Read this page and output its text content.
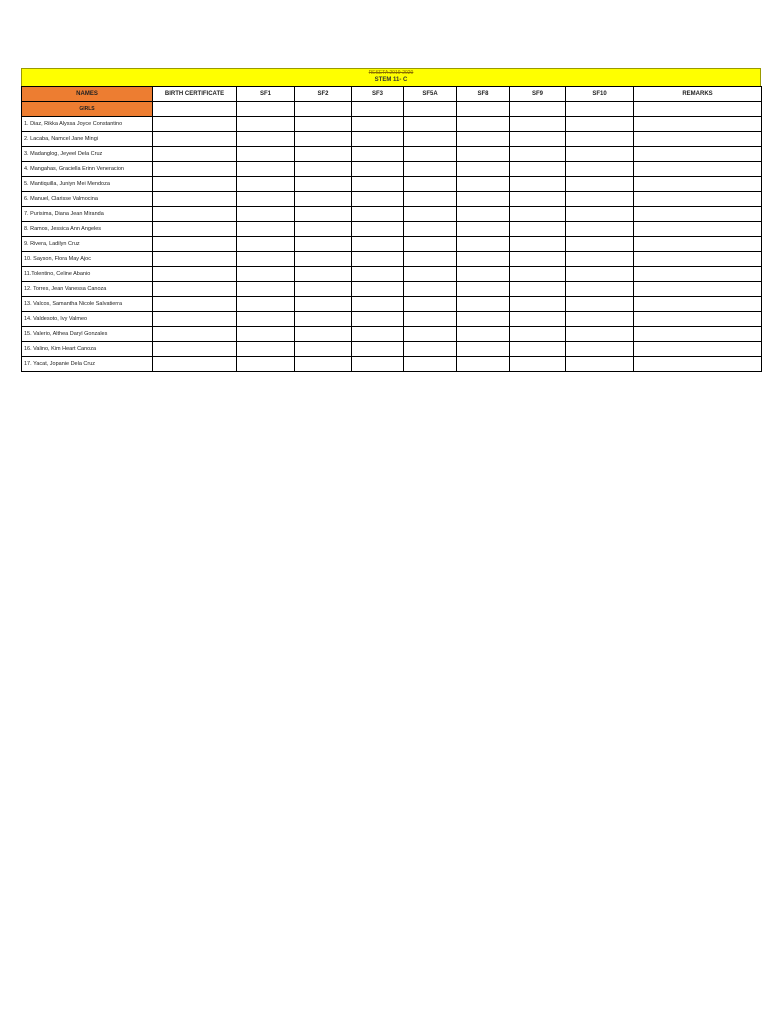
RESETA 2019-2020
STEM 11- C
NAMES	BIRTH CERTIFICATE	SF1	SF2	SF3	SF5A	SF8	SF9	SF10	REMARKS
GIRLS									
1. Diaz, Rikka Alyssa Joyce Constantino									
2. Lacaba, Namcel Jane Mingi									
3. Madanglog, Jeyeel Dela Cruz									
4. Mangahas, Graciella Erinn Veneracion									
5. Mantiquilla, Juniyn Mei Mendoza									
6. Manuel, Clarisse Valmocina									
7. Purisima, Diana Jean Miranda									
8. Ramos, Jessica Ann Angeles									
9. Rivera, Ladilyn Cruz									
10. Sayson, Flora May Ajoc									
11.Tolentino, Celine Abanio									
12. Torres, Jean Vanessa Canoza									
13. Valcos, Samantha Nicole Salvatierra									
14. Valdesoto, Ivy Valmeo									
15. Valerio, Althea Daryl Gonzales									
16. Valino, Kim Heart Canoza									
17. Yacat, Jopanie Dela Cruz									
